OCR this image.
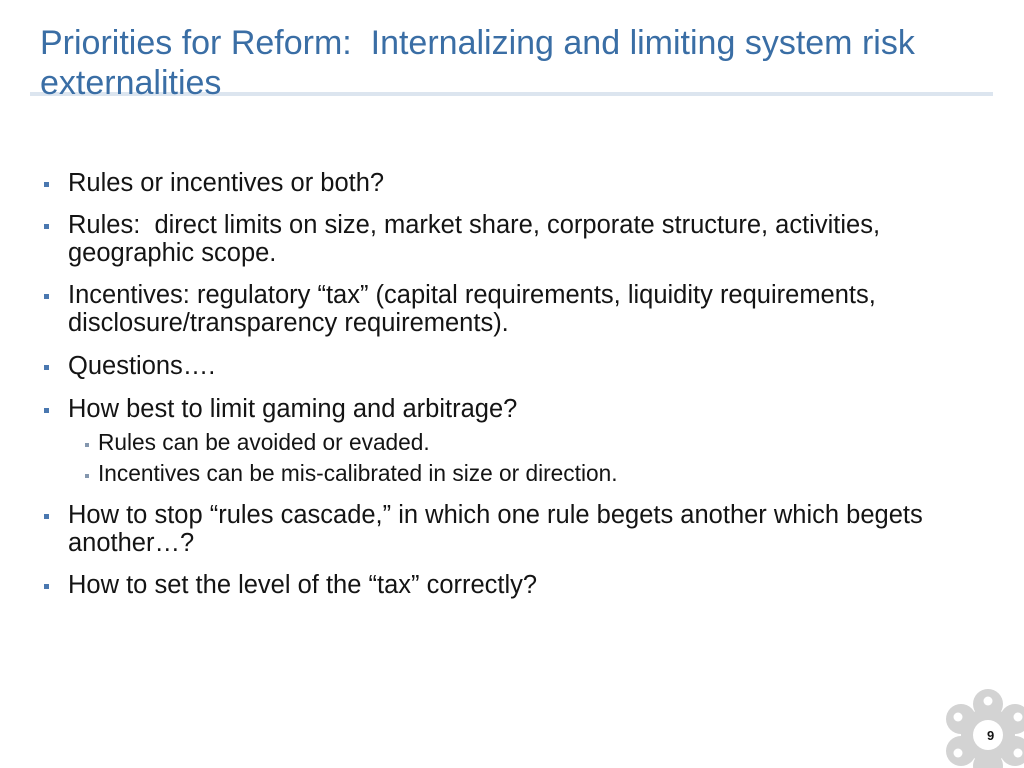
Priorities for Reform:  Internalizing and limiting system risk externalities
Rules or incentives or both?
Rules:  direct limits on size, market share, corporate structure, activities, geographic scope.
Incentives: regulatory “tax” (capital requirements, liquidity requirements, disclosure/transparency requirements).
Questions….
How best to limit gaming and arbitrage?
Rules can be avoided or evaded.
Incentives can be mis-calibrated in size or direction.
How to stop “rules cascade,” in which one rule begets another which begets another…?
How to set the level of the “tax” correctly?
9
